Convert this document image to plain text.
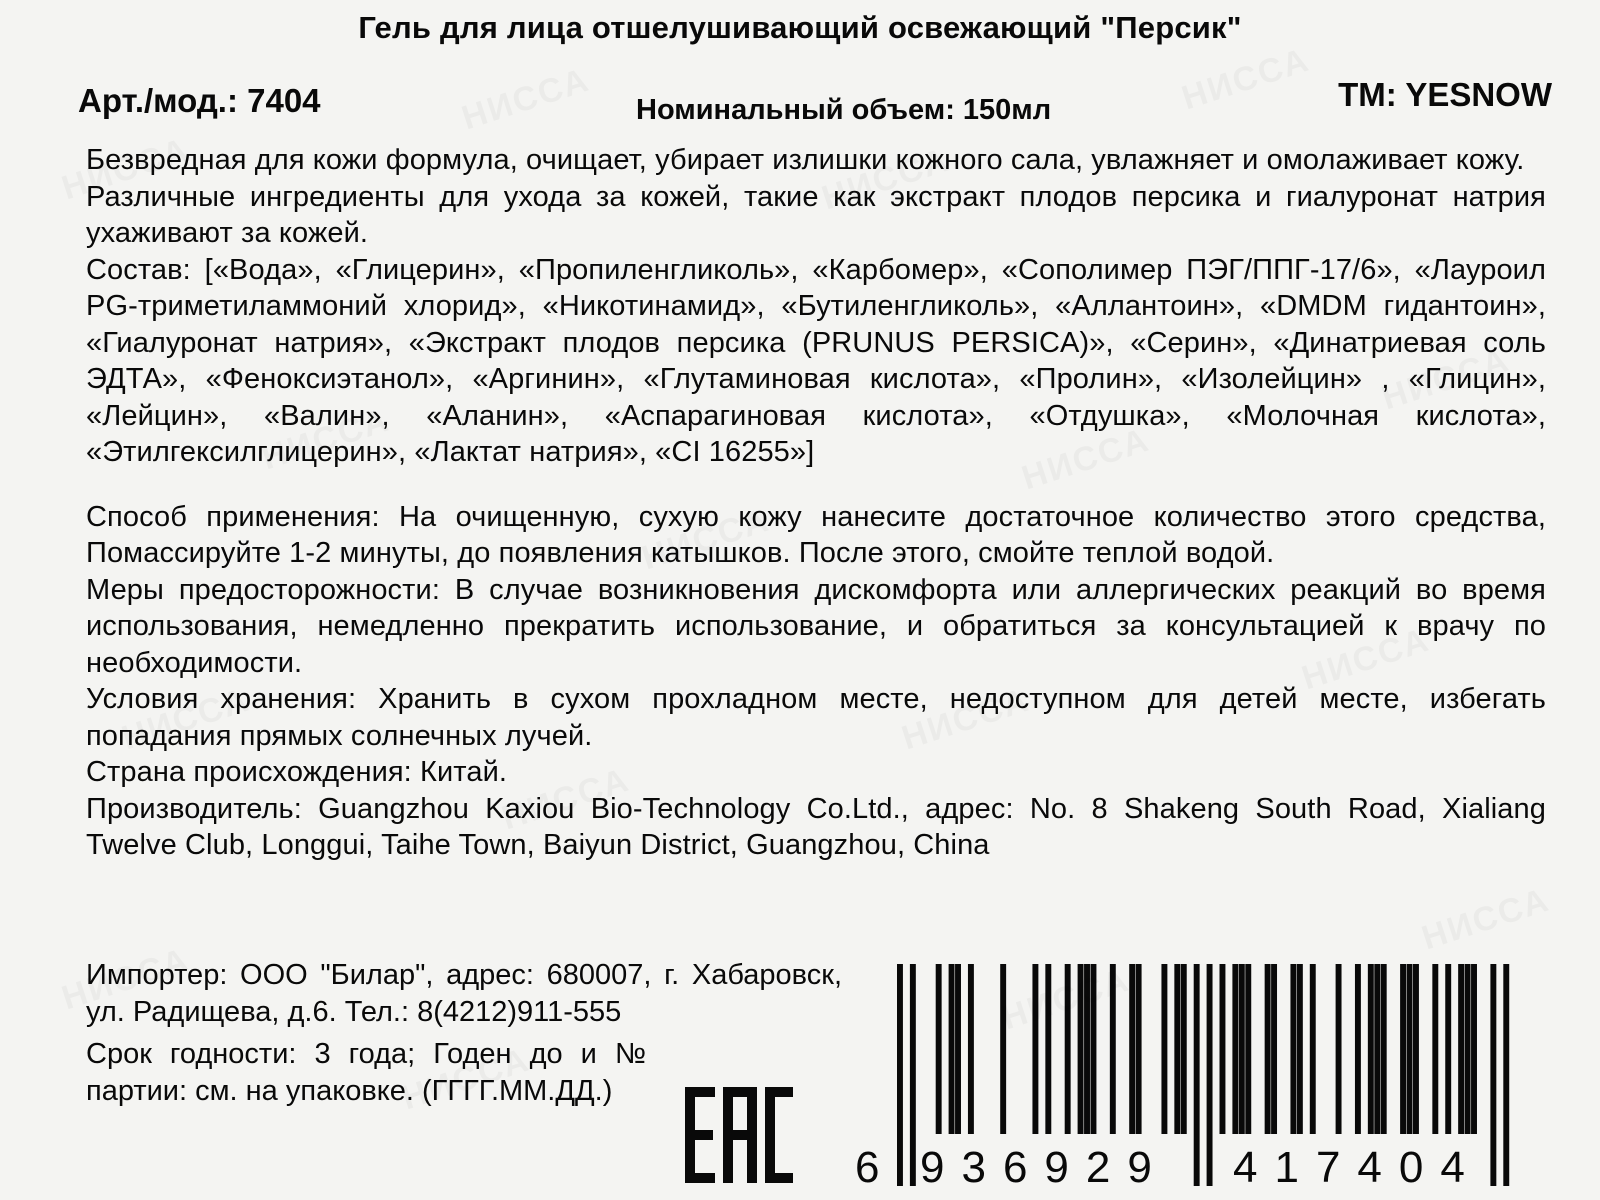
Гель для лица отшелушивающий освежающий "Персик"
Арт./мод.: 7404	Номинальный объем: 150мл	TM: YESNOW

Безвредная для кожи формула, очищает, убирает излишки кожного сала, увлажняет и омолаживает кожу.

Различные ингредиенты для ухода за кожей, такие как экстракт плодов персика и гиалуронат натрия ухаживают за кожей.

Состав: [«Вода», «Глицерин», «Пропиленгликоль», «Карбомер», «Сополимер ПЭГ/ППГ-17/6», «Лауроил PG-триметиламмоний хлорид», «Никотинамид», «Бутиленгликоль», «Аллантоин», «DMDM гидантоин», «Гиалуронат натрия», «Экстракт плодов персика (PRUNUS PERSICA)», «Серин», «Динатриевая соль ЭДТА», «Феноксиэтанол», «Аргинин», «Глутаминовая кислота», «Пролин», «Изолейцин» , «Глицин», «Лейцин», «Валин», «Аланин», «Аспарагиновая кислота», «Отдушка», «Молочная кислота», «Этилгексилглицерин», «Лактат натрия», «CI 16255»]

Способ применения: На очищенную, сухую кожу нанесите достаточное количество этого средства, Помассируйте 1-2 минуты, до появления катышков. После этого, смойте теплой водой.

Меры предосторожности: В случае возникновения дискомфорта или аллергических реакций во время использования, немедленно прекратить использование, и обратиться за консультацией к врачу по необходимости.

Условия хранения: Хранить в сухом прохладном месте, недоступном для детей месте, избегать попадания прямых солнечных лучей.

Страна происхождения: Китай.

Производитель: Guangzhou Kaxiou Bio-Technology Co.Ltd., адрес: No. 8 Shakeng South Road, Xialiang Twelve Club, Longgui, Taihe Town, Baiyun District, Guangzhou, China

Импортер: ООО "Билар", адрес: 680007, г. Хабаровск, ул. Радищева, д.6. Тел.: 8(4212)911-555

Срок годности: 3 года; Годен до и № партии: см. на упаковке. (ГГГГ.ММ.ДД.)

6 936929 417404
